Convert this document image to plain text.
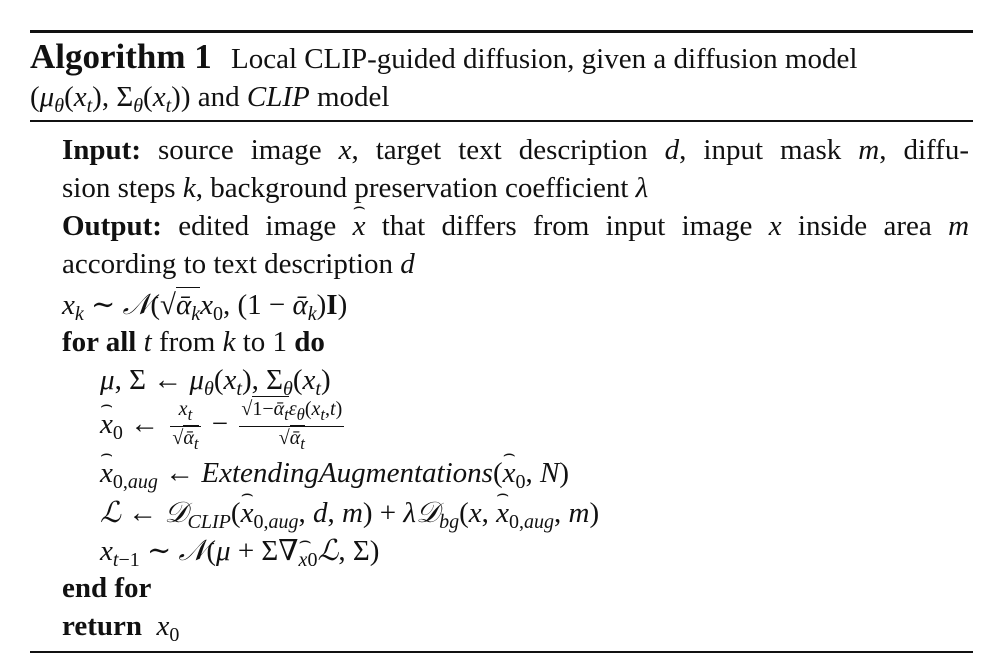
Algorithm 1 Local CLIP-guided diffusion, given a diffusion model
($\mu_\theta(x_t)$, $\Sigma_\theta(x_t)$) and CLIP model
Input: source image x, target text description d, input mask m, diffu-
sion steps k, background preservation coefficient λ
Output: edited image ⌢ x that differs from input image x inside area m
according to text description d
$x_k$ ∼ $𝒩(√ᾱ_kx_0$, (1 − ᾱ$_k$)I)
for all t from k to 1 do
μ, Σ ← $\mu_\theta(x_t)$, $\Sigma_\theta(x_t)$
⌢ $x_0$ ← $\frac{x_t}{√ᾱ_t} - \frac{√1-ᾱ_t\varepsilon_\theta(x_t,t)}{√ᾱ_t}$
⌢ $x_{0,aug}$ ← ExtendingAugmentations(⌢ $x_0$, N)
ℒ ← 𝒟$_{CLIP}$(⌢ $x_{0,aug}$, d, m) + λ𝒟$_{bg}$(x, ⌢ $x_{0,aug}$, m)
$x_{t-1}$ ∼ 𝒩(μ + Σ∇⌢ $_{x0}$ℒ, Σ)
end for
return $x_0$
